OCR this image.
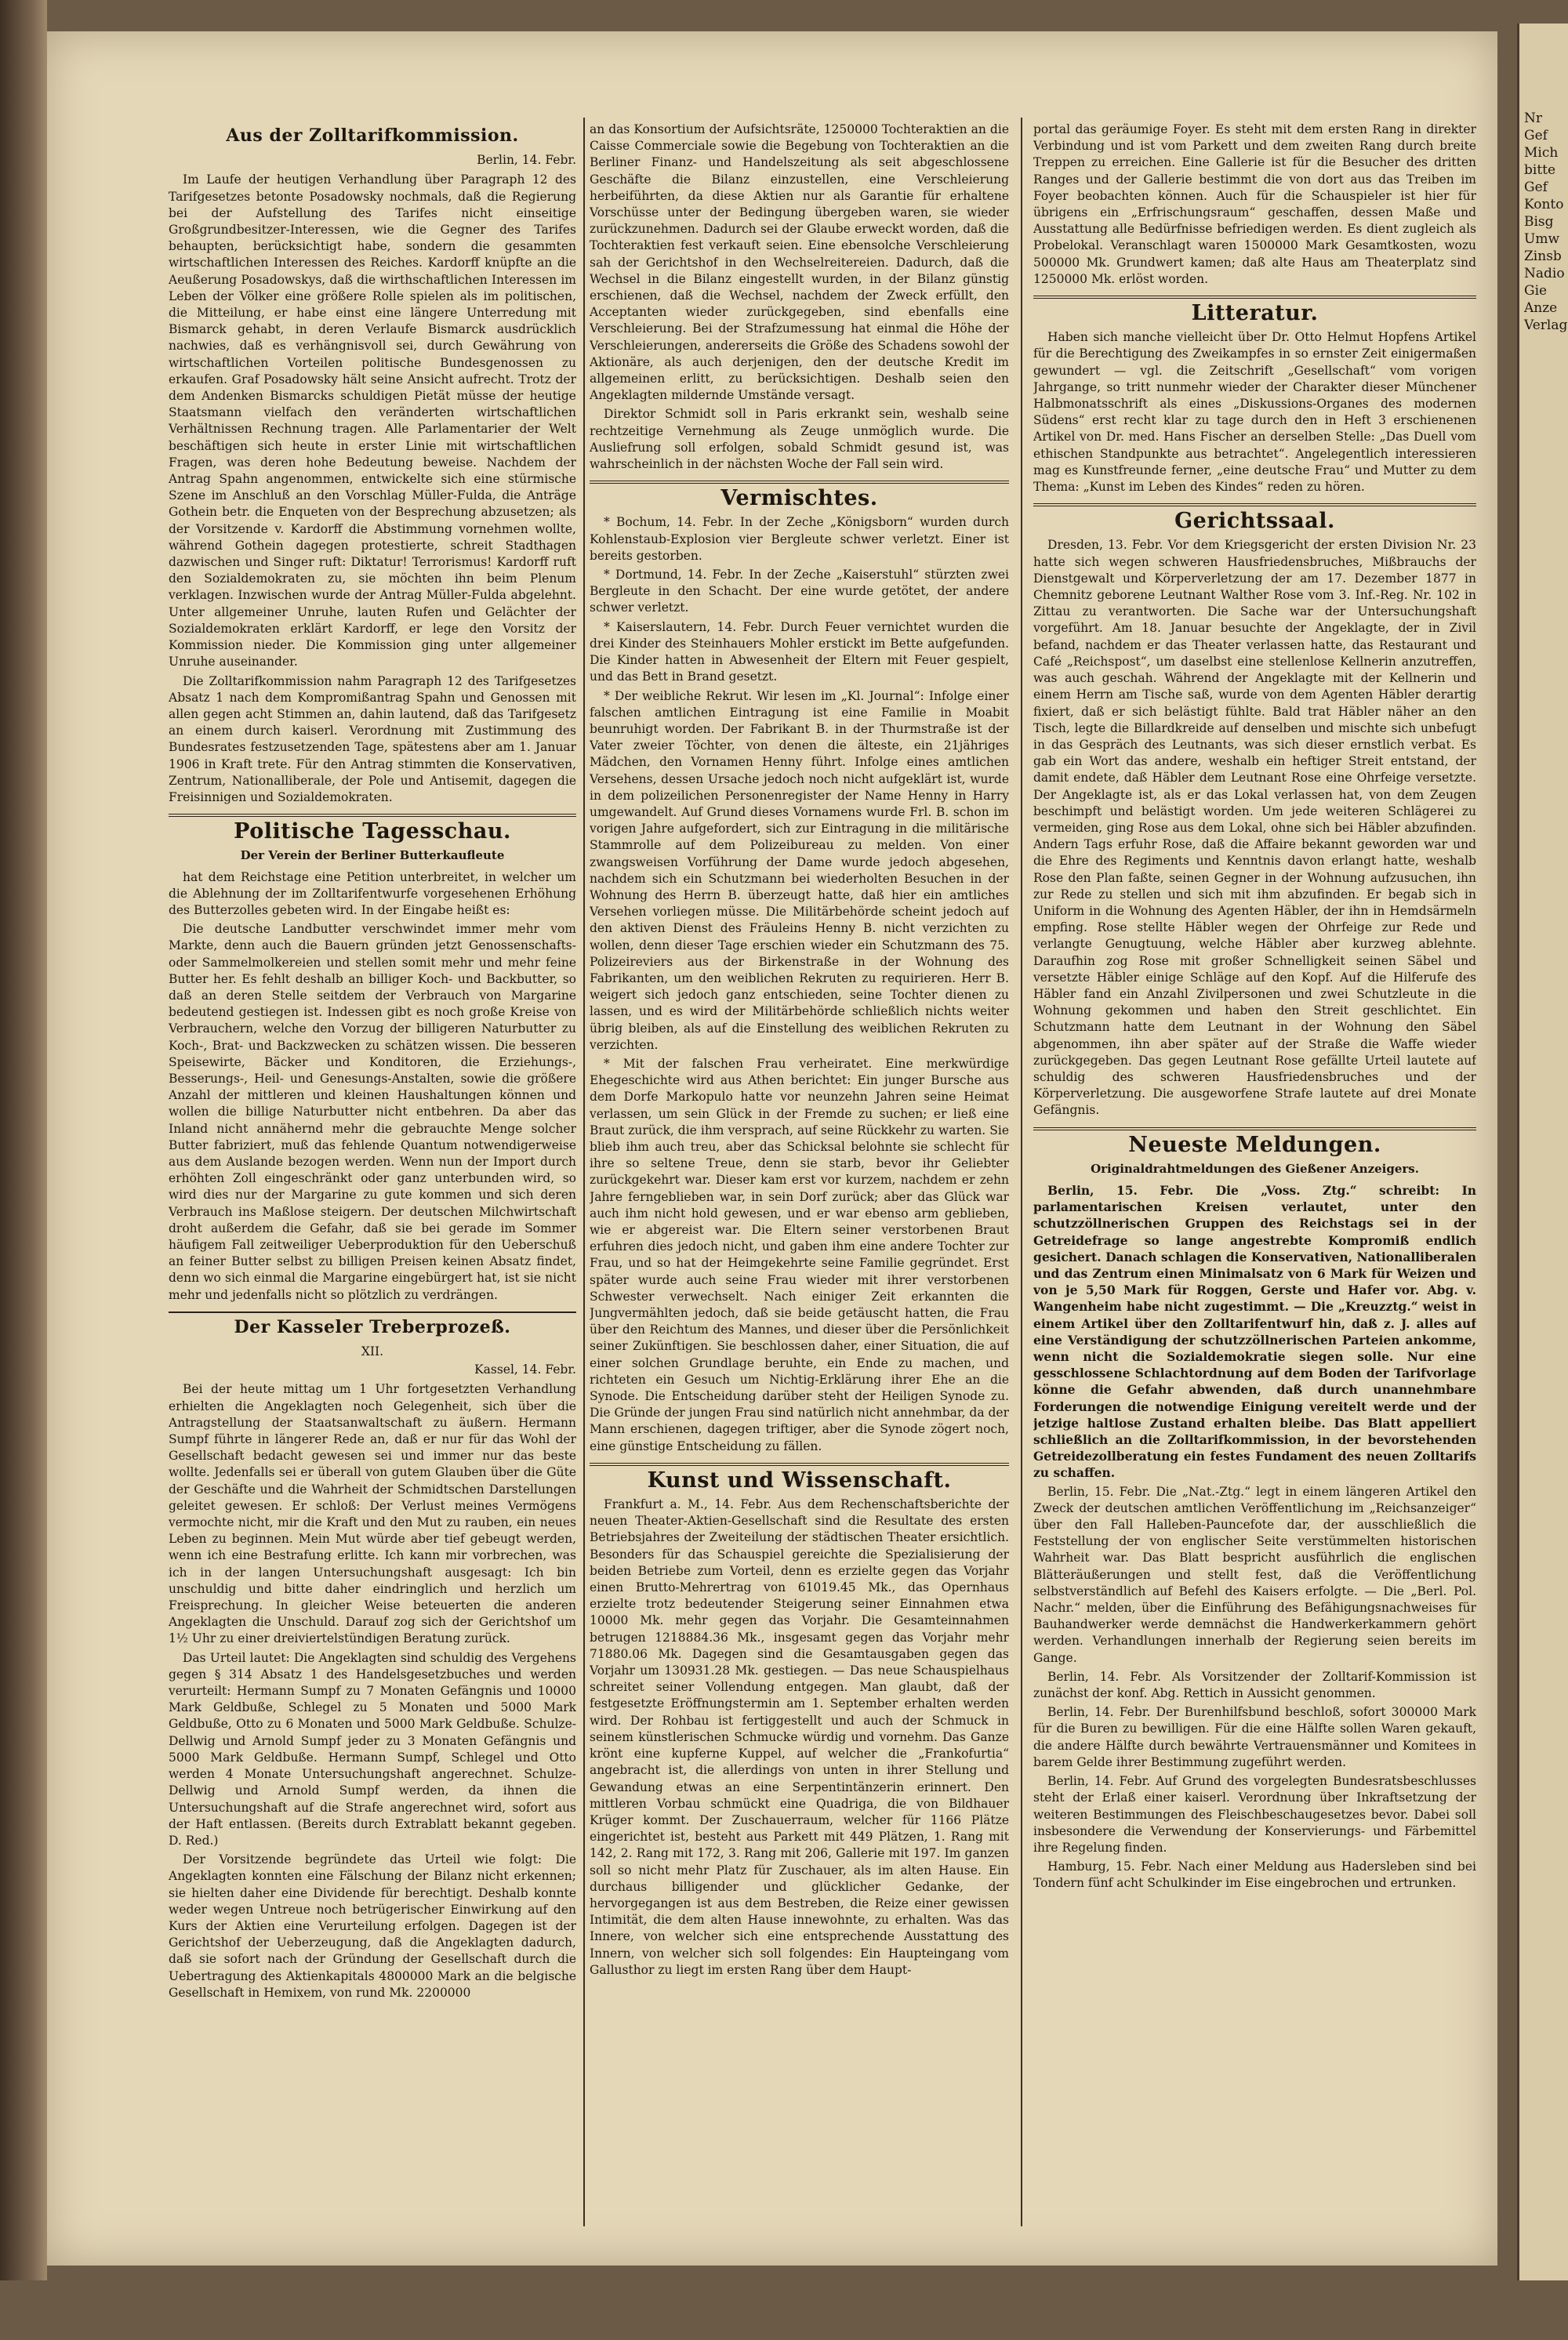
Aus der Zolltarifkommission.
Berlin, 14. Febr.

Im Laufe der heutigen Verhandlung über Paragraph 12 des Tarifgesetzes betonte Posadowsky nochmals, daß die Regierung bei der Aufstellung des Tarifes nicht einseitige Großgrundbesitzer-Interessen, wie die Gegner des Tarifes behaupten, berücksichtigt habe, sondern die gesammten wirtschaftlichen Interessen des Reiches. Kardorff knüpfte an die Aeußerung Posadowskys, daß die wirthschaftlichen Interessen im Leben der Völker eine größere Rolle spielen als im politischen, die Mitteilung, er habe einst eine längere Unterredung mit Bismarck gehabt, in deren Verlaufe Bismarck ausdrücklich nachwies, daß es verhängnisvoll sei, durch Gewährung von wirtschaftlichen Vorteilen politische Bundesgenossen zu erkaufen. Graf Posadowsky hält seine Ansicht aufrecht. Trotz der dem Andenken Bismarcks schuldigen Pietät müsse der heutige Staatsmann vielfach den veränderten wirtschaftlichen Verhältnissen Rechnung tragen. Alle Parlamentarier der Welt beschäftigen sich heute in erster Linie mit wirtschaftlichen Fragen, was deren hohe Bedeutung beweise. Nachdem der Antrag Spahn angenommen, entwickelte sich eine stürmische Szene im Anschluß an den Vorschlag Müller-Fulda, die Anträge Gothein betr. die Enqueten von der Besprechung abzusetzen; als der Vorsitzende v. Kardorff die Abstimmung vornehmen wollte, während Gothein dagegen protestierte, schreit Stadthagen dazwischen und Singer ruft: Diktatur! Terrorismus! Kardorff ruft den Sozialdemokraten zu, sie möchten ihn beim Plenum verklagen. Inzwischen wurde der Antrag Müller-Fulda abgelehnt. Unter allgemeiner Unruhe, lauten Rufen und Gelächter der Sozialdemokraten erklärt Kardorff, er lege den Vorsitz der Kommission nieder. Die Kommission ging unter allgemeiner Unruhe auseinander.

Die Zolltarifkommission nahm Paragraph 12 des Tarifgesetzes Absatz 1 nach dem Kompromißantrag Spahn und Genossen mit allen gegen acht Stimmen an, dahin lautend, daß das Tarifgesetz an einem durch kaiserl. Verordnung mit Zustimmung des Bundesrates festzusetzenden Tage, spätestens aber am 1. Januar 1906 in Kraft trete. Für den Antrag stimmten die Konservativen, Zentrum, Nationalliberale, der Pole und Antisemit, dagegen die Freisinnigen und Sozialdemokraten.

Politische Tagesschau.
Der Verein der Berliner Butterkaufleute

hat dem Reichstage eine Petition unterbreitet, in welcher um die Ablehnung der im Zolltarifentwurfe vorgesehenen Erhöhung des Butterzolles gebeten wird. In der Eingabe heißt es:

Die deutsche Landbutter verschwindet immer mehr vom Markte, denn auch die Bauern gründen jetzt Genossenschafts- oder Sammelmolkereien und stellen somit mehr und mehr feine Butter her. Es fehlt deshalb an billiger Koch- und Backbutter, so daß an deren Stelle seitdem der Verbrauch von Margarine bedeutend gestiegen ist. Indessen gibt es noch große Kreise von Verbrauchern, welche den Vorzug der billigeren Naturbutter zu Koch-, Brat- und Backzwecken zu schätzen wissen. Die besseren Speisewirte, Bäcker und Konditoren, die Erziehungs-, Besserungs-, Heil- und Genesungs-Anstalten, sowie die größere Anzahl der mittleren und kleinen Haushaltungen können und wollen die billige Naturbutter nicht entbehren. Da aber das Inland nicht annähernd mehr die gebrauchte Menge solcher Butter fabriziert, muß das fehlende Quantum notwendigerweise aus dem Auslande bezogen werden. Wenn nun der Import durch erhöhten Zoll eingeschränkt oder ganz unterbunden wird, so wird dies nur der Margarine zu gute kommen und sich deren Verbrauch ins Maßlose steigern. Der deutschen Milchwirtschaft droht außerdem die Gefahr, daß sie bei gerade im Sommer häufigem Fall zeitweiliger Ueberproduktion für den Ueberschuß an feiner Butter selbst zu billigen Preisen keinen Absatz findet, denn wo sich einmal die Margarine eingebürgert hat, ist sie nicht mehr und jedenfalls nicht so plötzlich zu verdrängen.

Der Kasseler Treberprozeß.
XII.
Kassel, 14. Febr.

Bei der heute mittag um 1 Uhr fortgesetzten Verhandlung erhielten die Angeklagten noch Gelegenheit, sich über die Antragstellung der Staatsanwaltschaft zu äußern. Hermann Sumpf führte in längerer Rede an, daß er nur für das Wohl der Gesellschaft bedacht gewesen sei und immer nur das beste wollte. Jedenfalls sei er überall von gutem Glauben über die Güte der Geschäfte und die Wahrheit der Schmidtschen Darstellungen geleitet gewesen. Er schloß: Der Verlust meines Vermögens vermochte nicht, mir die Kraft und den Mut zu rauben, ein neues Leben zu beginnen. Mein Mut würde aber tief gebeugt werden, wenn ich eine Bestrafung erlitte. Ich kann mir vorbrechen, was ich in der langen Untersuchungshaft ausgesagt: Ich bin unschuldig und bitte daher eindringlich und herzlich um Freisprechung. In gleicher Weise beteuerten die anderen Angeklagten die Unschuld. Darauf zog sich der Gerichtshof um 1½ Uhr zu einer dreiviertelstündigen Beratung zurück.

Das Urteil lautet: Die Angeklagten sind schuldig des Vergehens gegen § 314 Absatz 1 des Handelsgesetzbuches und werden verurteilt: Hermann Sumpf zu 7 Monaten Gefängnis und 10000 Mark Geldbuße, Schlegel zu 5 Monaten und 5000 Mark Geldbuße, Otto zu 6 Monaten und 5000 Mark Geldbuße. Schulze-Dellwig und Arnold Sumpf jeder zu 3 Monaten Gefängnis und 5000 Mark Geldbuße. Hermann Sumpf, Schlegel und Otto werden 4 Monate Untersuchungshaft angerechnet. Schulze-Dellwig und Arnold Sumpf werden, da ihnen die Untersuchungshaft auf die Strafe angerechnet wird, sofort aus der Haft entlassen. (Bereits durch Extrablatt bekannt gegeben. D. Red.)

Der Vorsitzende begründete das Urteil wie folgt: Die Angeklagten konnten eine Fälschung der Bilanz nicht erkennen; sie hielten daher eine Dividende für berechtigt. Deshalb konnte weder wegen Untreue noch betrügerischer Einwirkung auf den Kurs der Aktien eine Verurteilung erfolgen. Dagegen ist der Gerichtshof der Ueberzeugung, daß die Angeklagten dadurch, daß sie sofort nach der Gründung der Gesellschaft durch die Uebertragung des Aktienkapitals 4800000 Mark an die belgische Gesellschaft in Hemixem, von rund Mk. 2200000

an das Konsortium der Aufsichtsräte, 1250000 Tochteraktien an die Caisse Commerciale sowie die Begebung von Tochteraktien an die Berliner Finanz- und Handelszeitung als seit abgeschlossene Geschäfte die Bilanz einzustellen, eine Verschleierung herbeiführten, da diese Aktien nur als Garantie für erhaltene Vorschüsse unter der Bedingung übergeben waren, sie wieder zurückzunehmen. Dadurch sei der Glaube erweckt worden, daß die Tochteraktien fest verkauft seien. Eine ebensolche Verschleierung sah der Gerichtshof in den Wechselreitereien. Dadurch, daß die Wechsel in die Bilanz eingestellt wurden, in der Bilanz günstig erschienen, daß die Wechsel, nachdem der Zweck erfüllt, den Acceptanten wieder zurückgegeben, sind ebenfalls eine Verschleierung. Bei der Strafzumessung hat einmal die Höhe der Verschleierungen, andererseits die Größe des Schadens sowohl der Aktionäre, als auch derjenigen, den der deutsche Kredit im allgemeinen erlitt, zu berücksichtigen. Deshalb seien den Angeklagten mildernde Umstände versagt.

Direktor Schmidt soll in Paris erkrankt sein, weshalb seine rechtzeitige Vernehmung als Zeuge unmöglich wurde. Die Ausliefrung soll erfolgen, sobald Schmidt gesund ist, was wahrscheinlich in der nächsten Woche der Fall sein wird.

Vermischtes.

* Bochum, 14. Febr. In der Zeche „Königsborn“ wurden durch Kohlenstaub-Explosion vier Bergleute schwer verletzt. Einer ist bereits gestorben.

* Dortmund, 14. Febr. In der Zeche „Kaiserstuhl“ stürzten zwei Bergleute in den Schacht. Der eine wurde getötet, der andere schwer verletzt.

* Kaiserslautern, 14. Febr. Durch Feuer vernichtet wurden die drei Kinder des Steinhauers Mohler erstickt im Bette aufgefunden. Die Kinder hatten in Abwesenheit der Eltern mit Feuer gespielt, und das Bett in Brand gesetzt.

* Der weibliche Rekrut. Wir lesen im „Kl. Journal“: Infolge einer falschen amtlichen Eintragung ist eine Familie in Moabit beunruhigt worden. Der Fabrikant B. in der Thurmstraße ist der Vater zweier Töchter, von denen die älteste, ein 21jähriges Mädchen, den Vornamen Henny führt. Infolge eines amtlichen Versehens, dessen Ursache jedoch noch nicht aufgeklärt ist, wurde in dem polizeilichen Personenregister der Name Henny in Harry umgewandelt. Auf Grund dieses Vornamens wurde Frl. B. schon im vorigen Jahre aufgefordert, sich zur Eintragung in die militärische Stammrolle auf dem Polizeibureau zu melden. Von einer zwangsweisen Vorführung der Dame wurde jedoch abgesehen, nachdem sich ein Schutzmann bei wiederholten Besuchen in der Wohnung des Herrn B. überzeugt hatte, daß hier ein amtliches Versehen vorliegen müsse. Die Militärbehörde scheint jedoch auf den aktiven Dienst des Fräuleins Henny B. nicht verzichten zu wollen, denn dieser Tage erschien wieder ein Schutzmann des 75. Polizeireviers aus der Birkenstraße in der Wohnung des Fabrikanten, um den weiblichen Rekruten zu requirieren. Herr B. weigert sich jedoch ganz entschieden, seine Tochter dienen zu lassen, und es wird der Militärbehörde schließlich nichts weiter übrig bleiben, als auf die Einstellung des weiblichen Rekruten zu verzichten.

* Mit der falschen Frau verheiratet. Eine merkwürdige Ehegeschichte wird aus Athen berichtet: Ein junger Bursche aus dem Dorfe Markopulo hatte vor neunzehn Jahren seine Heimat verlassen, um sein Glück in der Fremde zu suchen; er ließ eine Braut zurück, die ihm versprach, auf seine Rückkehr zu warten. Sie blieb ihm auch treu, aber das Schicksal belohnte sie schlecht für ihre so seltene Treue, denn sie starb, bevor ihr Geliebter zurückgekehrt war. Dieser kam erst vor kurzem, nachdem er zehn Jahre ferngeblieben war, in sein Dorf zurück; aber das Glück war auch ihm nicht hold gewesen, und er war ebenso arm geblieben, wie er abgereist war. Die Eltern seiner verstorbenen Braut erfuhren dies jedoch nicht, und gaben ihm eine andere Tochter zur Frau, und so hat der Heimgekehrte seine Familie gegründet. Erst später wurde auch seine Frau wieder mit ihrer verstorbenen Schwester verwechselt. Nach einiger Zeit erkannten die Jungvermählten jedoch, daß sie beide getäuscht hatten, die Frau über den Reichtum des Mannes, und dieser über die Persönlichkeit seiner Zukünftigen. Sie beschlossen daher, einer Situation, die auf einer solchen Grundlage beruhte, ein Ende zu machen, und richteten ein Gesuch um Nichtig-Erklärung ihrer Ehe an die Synode. Die Entscheidung darüber steht der Heiligen Synode zu. Die Gründe der jungen Frau sind natürlich nicht annehmbar, da der Mann erschienen, dagegen triftiger, aber die Synode zögert noch, eine günstige Entscheidung zu fällen.

Kunst und Wissenschaft.

Frankfurt a. M., 14. Febr. Aus dem Rechenschaftsberichte der neuen Theater-Aktien-Gesellschaft sind die Resultate des ersten Betriebsjahres der Zweiteilung der städtischen Theater ersichtlich. Besonders für das Schauspiel gereichte die Spezialisierung der beiden Betriebe zum Vorteil, denn es erzielte gegen das Vorjahr einen Brutto-Mehrertrag von 61019.45 Mk., das Opernhaus erzielte trotz bedeutender Steigerung seiner Einnahmen etwa 10000 Mk. mehr gegen das Vorjahr. Die Gesamteinnahmen betrugen 1218884.36 Mk., insgesamt gegen das Vorjahr mehr 71880.06 Mk. Dagegen sind die Gesamtausgaben gegen das Vorjahr um 130931.28 Mk. gestiegen. — Das neue Schauspielhaus schreitet seiner Vollendung entgegen. Man glaubt, daß der festgesetzte Eröffnungstermin am 1. September erhalten werden wird. Der Rohbau ist fertiggestellt und auch der Schmuck in seinem künstlerischen Schmucke würdig und vornehm. Das Ganze krönt eine kupferne Kuppel, auf welcher die „Frankofurtia“ angebracht ist, die allerdings von unten in ihrer Stellung und Gewandung etwas an eine Serpentintänzerin erinnert. Den mittleren Vorbau schmückt eine Quadriga, die von Bildhauer Krüger kommt. Der Zuschauerraum, welcher für 1166 Plätze eingerichtet ist, besteht aus Parkett mit 449 Plätzen, 1. Rang mit 142, 2. Rang mit 172, 3. Rang mit 206, Gallerie mit 197. Im ganzen soll so nicht mehr Platz für Zuschauer, als im alten Hause. Ein durchaus billigender und glücklicher Gedanke, der hervorgegangen ist aus dem Bestreben, die Reize einer gewissen Intimität, die dem alten Hause innewohnte, zu erhalten. Was das Innere, von welcher sich eine entsprechende Ausstattung des Innern, von welcher sich soll folgendes: Ein Haupteingang vom Gallusthor zu liegt im ersten Rang über dem Haupt-

portal das geräumige Foyer. Es steht mit dem ersten Rang in direkter Verbindung und ist vom Parkett und dem zweiten Rang durch breite Treppen zu erreichen. Eine Gallerie ist für die Besucher des dritten Ranges und der Gallerie bestimmt die von dort aus das Treiben im Foyer beobachten können. Auch für die Schauspieler ist hier für übrigens ein „Erfrischungsraum“ geschaffen, dessen Maße und Ausstattung alle Bedürfnisse befriedigen werden. Es dient zugleich als Probelokal. Veranschlagt waren 1500000 Mark Gesamtkosten, wozu 500000 Mk. Grundwert kamen; daß alte Haus am Theaterplatz sind 1250000 Mk. erlöst worden.

Litteratur.

Haben sich manche vielleicht über Dr. Otto Helmut Hopfens Artikel für die Berechtigung des Zweikampfes in so ernster Zeit einigermaßen gewundert — vgl. die Zeitschrift „Gesellschaft“ vom vorigen Jahrgange, so tritt nunmehr wieder der Charakter dieser Münchener Halbmonatsschrift als eines „Diskussions-Organes des modernen Südens“ erst recht klar zu tage durch den in Heft 3 erschienenen Artikel von Dr. med. Hans Fischer an derselben Stelle: „Das Duell vom ethischen Standpunkte aus betrachtet“. Angelegentlich interessieren mag es Kunstfreunde ferner, „eine deutsche Frau“ und Mutter zu dem Thema: „Kunst im Leben des Kindes“ reden zu hören.

Gerichtssaal.

Dresden, 13. Febr. Vor dem Kriegsgericht der ersten Division Nr. 23 hatte sich wegen schweren Hausfriedensbruches, Mißbrauchs der Dienstgewalt und Körperverletzung der am 17. Dezember 1877 in Chemnitz geborene Leutnant Walther Rose vom 3. Inf.-Reg. Nr. 102 in Zittau zu verantworten. Die Sache war der Untersuchungshaft vorgeführt. Am 18. Januar besuchte der Angeklagte, der in Zivil befand, nachdem er das Theater verlassen hatte, das Restaurant und Café „Reichspost“, um daselbst eine stellenlose Kellnerin anzutreffen, was auch geschah. Während der Angeklagte mit der Kellnerin und einem Herrn am Tische saß, wurde von dem Agenten Häbler derartig fixiert, daß er sich belästigt fühlte. Bald trat Häbler näher an den Tisch, legte die Billardkreide auf denselben und mischte sich unbefugt in das Gespräch des Leutnants, was sich dieser ernstlich verbat. Es gab ein Wort das andere, weshalb ein heftiger Streit entstand, der damit endete, daß Häbler dem Leutnant Rose eine Ohrfeige versetzte. Der Angeklagte ist, als er das Lokal verlassen hat, von dem Zeugen beschimpft und belästigt worden. Um jede weiteren Schlägerei zu vermeiden, ging Rose aus dem Lokal, ohne sich bei Häbler abzufinden. Andern Tags erfuhr Rose, daß die Affaire bekannt geworden war und die Ehre des Regiments und Kenntnis davon erlangt hatte, weshalb Rose den Plan faßte, seinen Gegner in der Wohnung aufzusuchen, ihn zur Rede zu stellen und sich mit ihm abzufinden. Er begab sich in Uniform in die Wohnung des Agenten Häbler, der ihn in Hemdsärmeln empfing. Rose stellte Häbler wegen der Ohrfeige zur Rede und verlangte Genugtuung, welche Häbler aber kurzweg ablehnte. Daraufhin zog Rose mit großer Schnelligkeit seinen Säbel und versetzte Häbler einige Schläge auf den Kopf. Auf die Hilferufe des Häbler fand ein Anzahl Zivilpersonen und zwei Schutzleute in die Wohnung gekommen und haben den Streit geschlichtet. Ein Schutzmann hatte dem Leutnant in der Wohnung den Säbel abgenommen, ihn aber später auf der Straße die Waffe wieder zurückgegeben. Das gegen Leutnant Rose gefällte Urteil lautete auf schuldig des schweren Hausfriedensbruches und der Körperverletzung. Die ausgeworfene Strafe lautete auf drei Monate Gefängnis.

Neueste Meldungen.
Originaldrahtmeldungen des Gießener Anzeigers.

Berlin, 15. Febr. Die „Voss. Ztg.“ schreibt: In parlamentarischen Kreisen verlautet, unter den schutzzöllnerischen Gruppen des Reichstags sei in der Getreidefrage so lange angestrebte Kompromiß endlich gesichert. Danach schlagen die Konservativen, Nationalliberalen und das Zentrum einen Minimalsatz von 6 Mark für Weizen und von je 5,50 Mark für Roggen, Gerste und Hafer vor. Abg. v. Wangenheim habe nicht zugestimmt. — Die „Kreuzztg.“ weist in einem Artikel über den Zolltarifentwurf hin, daß z. J. alles auf eine Verständigung der schutzzöllnerischen Parteien ankomme, wenn nicht die Sozialdemokratie siegen solle. Nur eine gesschlossene Schlachtordnung auf dem Boden der Tarifvorlage könne die Gefahr abwenden, daß durch unannehmbare Forderungen die notwendige Einigung vereitelt werde und der jetzige haltlose Zustand erhalten bleibe. Das Blatt appelliert schließlich an die Zolltarifkommission, in der bevorstehenden Getreidezollberatung ein festes Fundament des neuen Zolltarifs zu schaffen.

Berlin, 15. Febr. Die „Nat.-Ztg.“ legt in einem längeren Artikel den Zweck der deutschen amtlichen Veröffentlichung im „Reichsanzeiger“ über den Fall Halleben-Pauncefote dar, der ausschließlich die Feststellung der von englischer Seite verstümmelten historischen Wahrheit war. Das Blatt bespricht ausführlich die englischen Blätteräußerungen und stellt fest, daß die Veröffentlichung selbstverständlich auf Befehl des Kaisers erfolgte. — Die „Berl. Pol. Nachr.“ melden, über die Einführung des Befähigungsnachweises für Bauhandwerker werde demnächst die Handwerkerkammern gehört werden. Verhandlungen innerhalb der Regierung seien bereits im Gange.

Berlin, 14. Febr. Als Vorsitzender der Zolltarif-Kommission ist zunächst der konf. Abg. Rettich in Aussicht genommen.

Berlin, 14. Febr. Der Burenhilfsbund beschloß, sofort 300000 Mark für die Buren zu bewilligen. Für die eine Hälfte sollen Waren gekauft, die andere Hälfte durch bewährte Vertrauensmänner und Komitees in barem Gelde ihrer Bestimmung zugeführt werden.

Berlin, 14. Febr. Auf Grund des vorgelegten Bundesratsbeschlusses steht der Erlaß einer kaiserl. Verordnung über Inkraftsetzung der weiteren Bestimmungen des Fleischbeschaugesetzes bevor. Dabei soll insbesondere die Verwendung der Konservierungs- und Färbemittel ihre Regelung finden.

Hamburg, 15. Febr. Nach einer Meldung aus Hadersleben sind bei Tondern fünf acht Schulkinder im Eise eingebrochen und ertrunken.

Nr
Gef
Mich
bitte
Gef
Konto
Bisg
Umw
Zinsb
Nadio
Gie
Anze
Verlag
